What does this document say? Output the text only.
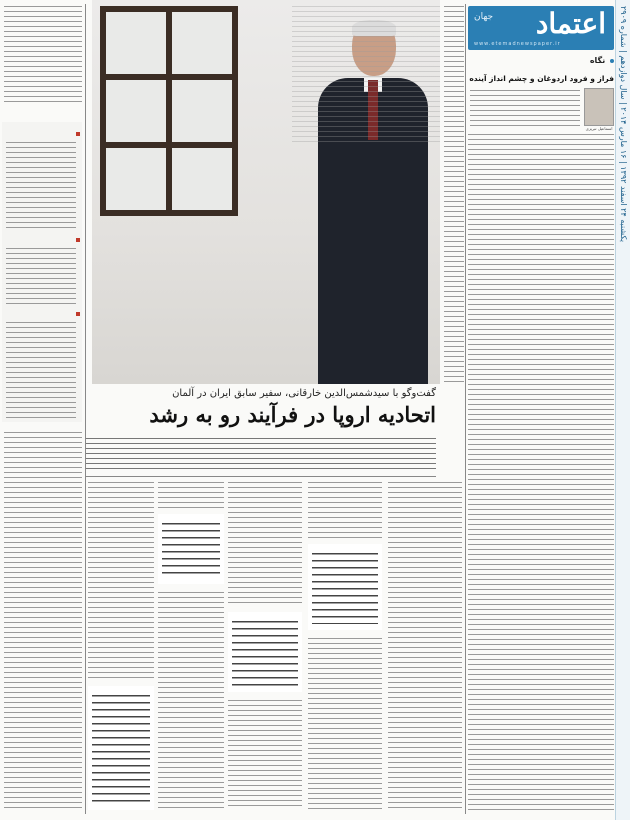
یکشنبه ۲۴ اسفند ۱۳۹۲ | ۱۶ مارس ۲۰۱۴ | سال دوازدهم | شماره ۲۹۰۹
اعتماد
جهان
www.etemadnewspaper.ir
نگاه
فراز و فرود اردوغان و چشم انداز آینده
اسماعیل تبریزی
گفت‌وگو با سیدشمس‌الدین خارقانی، سفیر سابق ایران در آلمان
اتحادیه اروپا در فرآیند رو به رشد
